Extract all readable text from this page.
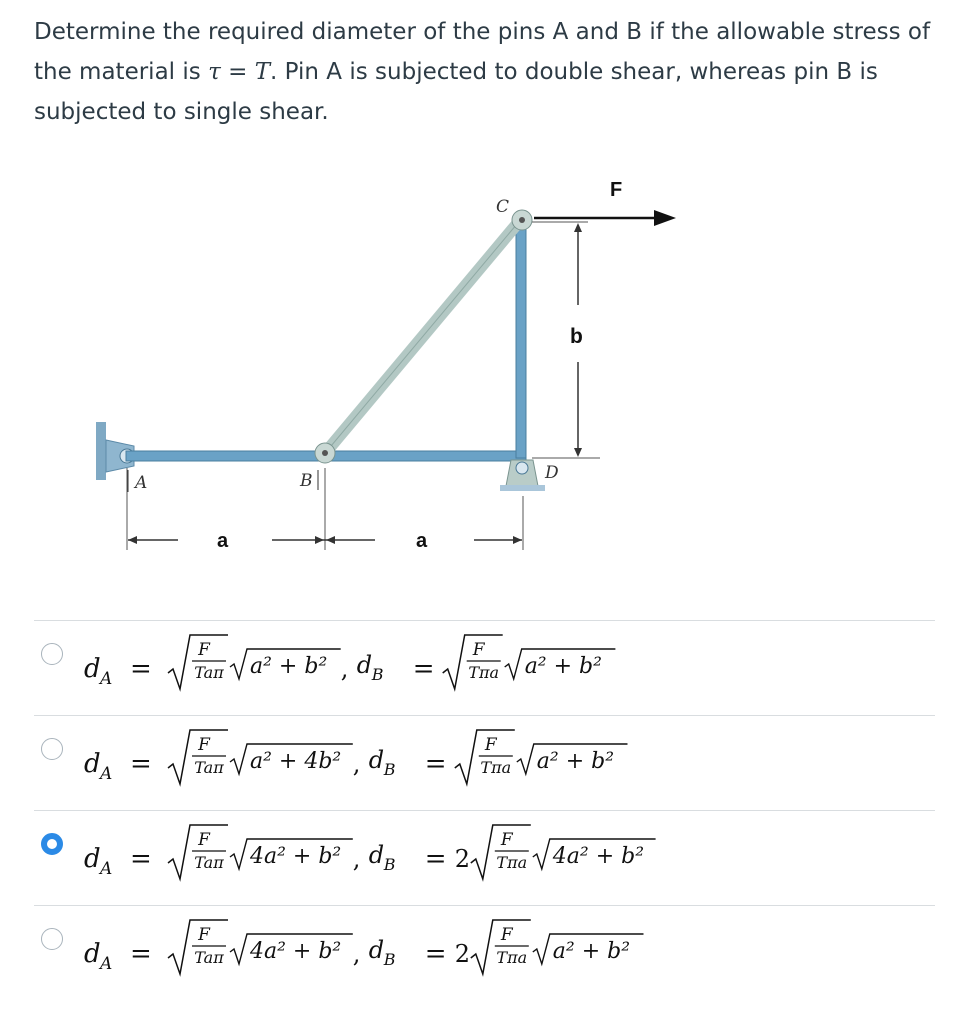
Determine the required diameter of the pins A and B if the allowable stress of the material is τ = T. Pin A is subjected to double shear, whereas pin B is subjected to single shear.
F
b
a	a
A	B
C
D
d A =
F
Taπ a² + b² , d B =
F
Tπa a² + b²
d A =
F
Taπ a² + 4b² , d B =
F
Tπa a² + b²
d A =
F
Taπ 4a² + b² , d B = 2
F
Tπa 4a² + b²
d A =
F
Taπ 4a² + b² , d B = 2
F
Tπa a² + b²
